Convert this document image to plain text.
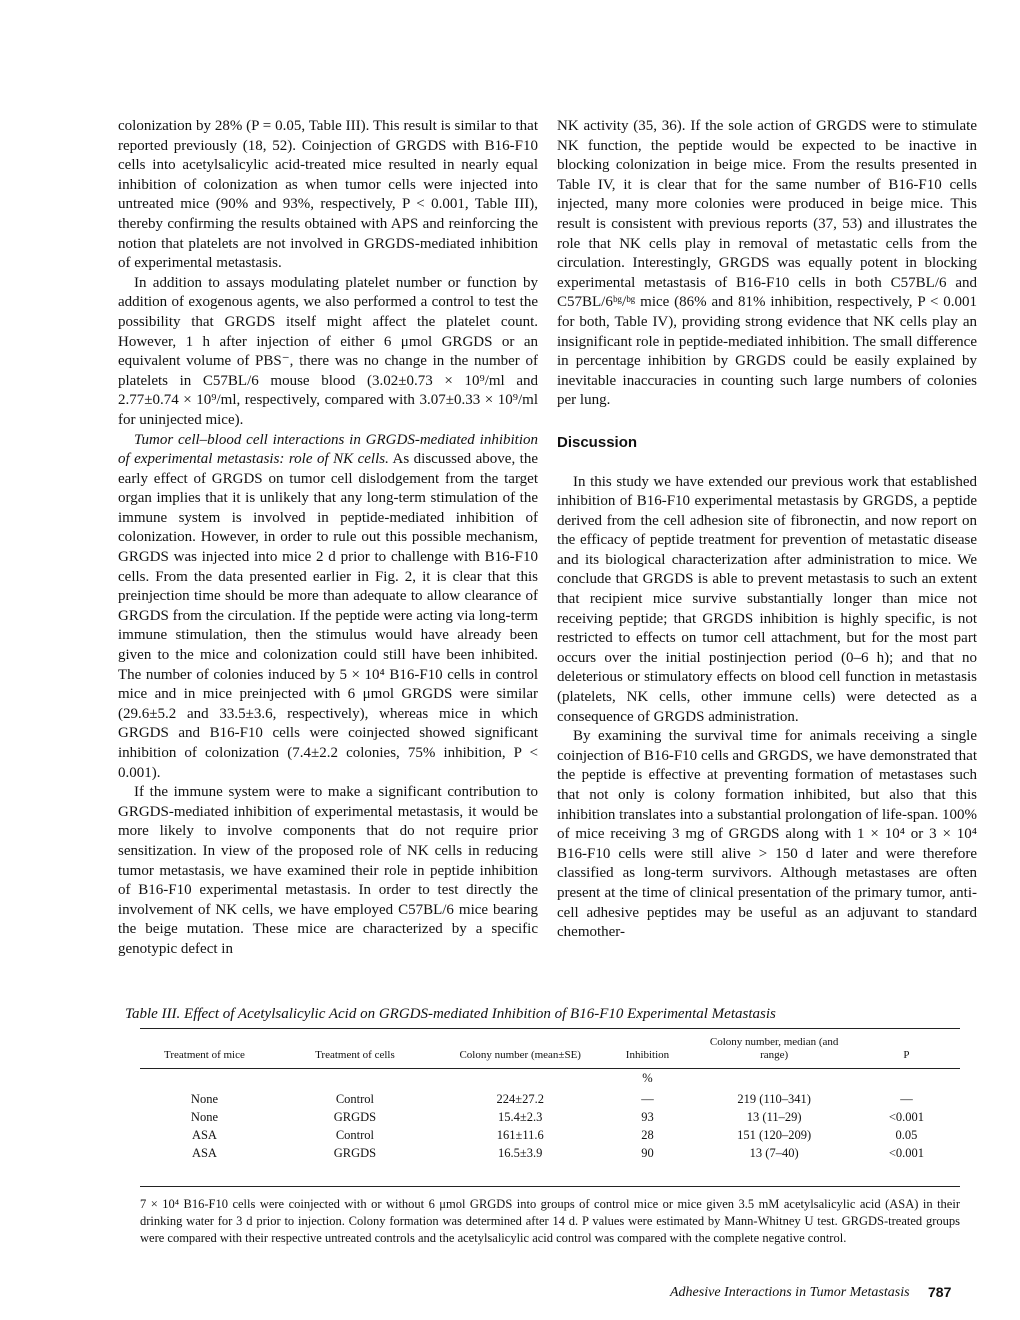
colonization by 28% (P = 0.05, Table III). This result is similar to that reported previously (18, 52). Coinjection of GRGDS with B16-F10 cells into acetylsalicylic acid-treated mice resulted in nearly equal inhibition of colonization as when tumor cells were injected into untreated mice (90% and 93%, respectively, P < 0.001, Table III), thereby confirming the results obtained with APS and reinforcing the notion that platelets are not involved in GRGDS-mediated inhibition of experimental metastasis.

In addition to assays modulating platelet number or function by addition of exogenous agents, we also performed a control to test the possibility that GRGDS itself might affect the platelet count. However, 1 h after injection of either 6 μmol GRGDS or an equivalent volume of PBS⁻, there was no change in the number of platelets in C57BL/6 mouse blood (3.02±0.73 × 10⁹/ml and 2.77±0.74 × 10⁹/ml, respectively, compared with 3.07±0.33 × 10⁹/ml for uninjected mice).

Tumor cell–blood cell interactions in GRGDS-mediated inhibition of experimental metastasis: role of NK cells. As discussed above, the early effect of GRGDS on tumor cell dislodgement from the target organ implies that it is unlikely that any long-term stimulation of the immune system is involved in peptide-mediated inhibition of colonization. However, in order to rule out this possible mechanism, GRGDS was injected into mice 2 d prior to challenge with B16-F10 cells. From the data presented earlier in Fig. 2, it is clear that this preinjection time should be more than adequate to allow clearance of GRGDS from the circulation. If the peptide were acting via long-term immune stimulation, then the stimulus would have already been given to the mice and colonization could still have been inhibited. The number of colonies induced by 5 × 10⁴ B16-F10 cells in control mice and in mice preinjected with 6 μmol GRGDS were similar (29.6±5.2 and 33.5±3.6, respectively), whereas mice in which GRGDS and B16-F10 cells were coinjected showed significant inhibition of colonization (7.4±2.2 colonies, 75% inhibition, P < 0.001).

If the immune system were to make a significant contribution to GRGDS-mediated inhibition of experimental metastasis, it would be more likely to involve components that do not require prior sensitization. In view of the proposed role of NK cells in reducing tumor metastasis, we have examined their role in peptide inhibition of B16-F10 experimental metastasis. In order to test directly the involvement of NK cells, we have employed C57BL/6 mice bearing the beige mutation. These mice are characterized by a specific genotypic defect in

NK activity (35, 36). If the sole action of GRGDS were to stimulate NK function, the peptide would be expected to be inactive in blocking colonization in beige mice. From the results presented in Table IV, it is clear that for the same number of B16-F10 cells injected, many more colonies were produced in beige mice. This result is consistent with previous reports (37, 53) and illustrates the role that NK cells play in removal of metastatic cells from the circulation. Interestingly, GRGDS was equally potent in blocking experimental metastasis of B16-F10 cells in both C57BL/6 and C57BL/6ᵇᵍ/ᵇᵍ mice (86% and 81% inhibition, respectively, P < 0.001 for both, Table IV), providing strong evidence that NK cells play an insignificant role in peptide-mediated inhibition. The small difference in percentage inhibition by GRGDS could be easily explained by inevitable inaccuracies in counting such large numbers of colonies per lung.

Discussion

In this study we have extended our previous work that established inhibition of B16-F10 experimental metastasis by GRGDS, a peptide derived from the cell adhesion site of fibronectin, and now report on the efficacy of peptide treatment for prevention of metastatic disease and its biological characterization after administration to mice. We conclude that GRGDS is able to prevent metastasis to such an extent that recipient mice survive substantially longer than mice not receiving peptide; that GRGDS inhibition is highly specific, is not restricted to effects on tumor cell attachment, but for the most part occurs over the initial postinjection period (0–6 h); and that no deleterious or stimulatory effects on blood cell function in metastasis (platelets, NK cells, other immune cells) were detected as a consequence of GRGDS administration.

By examining the survival time for animals receiving a single coinjection of B16-F10 cells and GRGDS, we have demonstrated that the peptide is effective at preventing formation of metastases such that not only is colony formation inhibited, but also that this inhibition translates into a substantial prolongation of life-span. 100% of mice receiving 3 mg of GRGDS along with 1 × 10⁴ or 3 × 10⁴ B16-F10 cells were still alive > 150 d later and were therefore classified as long-term survivors. Although metastases are often present at the time of clinical presentation of the primary tumor, anti-cell adhesive peptides may be useful as an adjuvant to standard chemother-

Table III. Effect of Acetylsalicylic Acid on GRGDS-mediated Inhibition of B16-F10 Experimental Metastasis
Treatment of mice	Treatment of cells	Colony number (mean±SE)	Inhibition	Colony number, median (and range)	P
			%		
None	Control	224±27.2	—	219 (110–341)	—
None	GRGDS	15.4±2.3	93	13 (11–29)	<0.001
ASA	Control	161±11.6	28	151 (120–209)	0.05
ASA	GRGDS	16.5±3.9	90	13 (7–40)	<0.001
7 × 10⁴ B16-F10 cells were coinjected with or without 6 μmol GRGDS into groups of control mice or mice given 3.5 mM acetylsalicylic acid (ASA) in their drinking water for 3 d prior to injection. Colony formation was determined after 14 d. P values were estimated by Mann-Whitney U test. GRGDS-treated groups were compared with their respective untreated controls and the acetylsalicylic acid control was compared with the complete negative control.
Adhesive Interactions in Tumor Metastasis 787
